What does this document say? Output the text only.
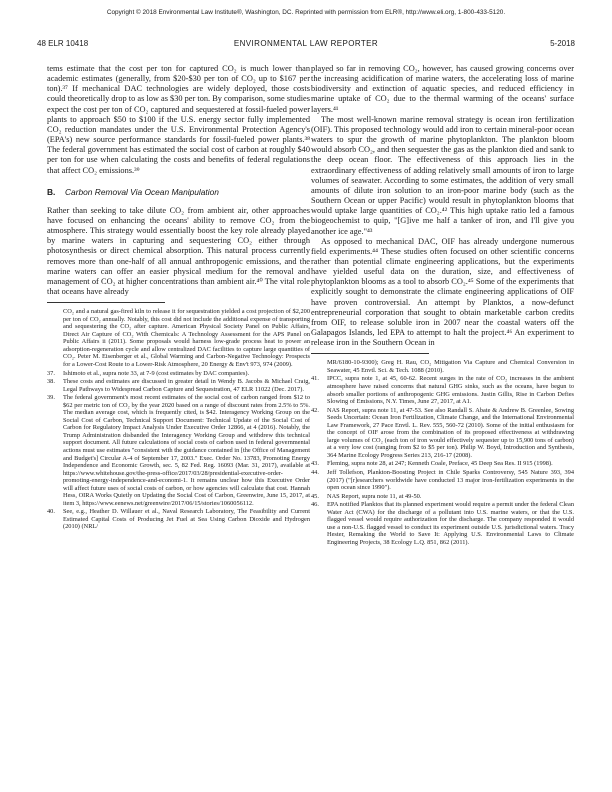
Copyright © 2018 Environmental Law Institute®, Washington, DC. Reprinted with permission from ELR®, http://www.eli.org, 1-800-433-5120.
48 ELR 10418	ENVIRONMENTAL LAW REPORTER	5-2018

tems estimate that the cost per ton for captured CO₂ is much lower than academic estimates (generally, from $20-$30 per ton of CO₂ up to $167 per ton).³⁷ If mechanical DAC technologies are widely deployed, those costs could theoretically drop to as low as $30 per ton. By comparison, some studies expect the cost per ton of CO₂ captured and sequestered at fossil-fueled power plants to approach $50 to $100 if the U.S. energy sector fully implemented CO₂ reduction mandates under the U.S. Environmental Protection Agency's (EPA's) new source performance standards for fossil-fueled power plants.³⁸ The federal government has estimated the social cost of carbon at roughly $40 per ton for use when calculating the costs and benefits of federal regulations that affect CO₂ emissions.³⁹

B. Carbon Removal Via Ocean Manipulation

Rather than seeking to take dilute CO₂ from ambient air, other approaches have focused on enhancing the oceans' ability to remove CO₂ from the atmosphere. This strategy would essentially boost the key role already played by marine waters in capturing and sequestering CO₂ either through photosynthesis or direct chemical absorption. This natural process currently removes more than one-half of all annual anthropogenic emissions, and the marine waters can offer an easier physical medium for the removal and management of CO₂ at higher concentrations than ambient air.⁴⁰ The vital role that oceans have already

CO₂ and a natural gas-fired kiln to release it for sequestration yielded a cost projection of $2,200 per ton of CO₂ annually. Notably, this cost did not include the additional expense of transporting and sequestering the CO₂ after capture. American Physical Society Panel on Public Affairs, Direct Air Capture of CO₂ With Chemicals: A Technology Assessment for the APS Panel on Public Affairs ii (2011). Some proposals would harness low-grade process heat to power an adsorption-regeneration cycle and allow centralized DAC facilities to capture large quantities of CO₂. Peter M. Eisenberger et al., Global Warming and Carbon-Negative Technology: Prospects for a Lower-Cost Route to a Lower-Risk Atmosphere, 20 Energy & Env't 973, 974 (2009).
37.	Ishimoto et al., supra note 33, at 7-9 (cost estimates by DAC companies).
38.	These costs and estimates are discussed in greater detail in Wendy B. Jacobs & Michael Craig, Legal Pathways to Widespread Carbon Capture and Sequestration, 47 ELR 11022 (Dec. 2017).
39.	The federal government's most recent estimates of the social cost of carbon ranged from $12 to $62 per metric ton of CO₂ by the year 2020 based on a range of discount rates from 2.5% to 5%. The median average cost, which is frequently cited, is $42. Interagency Working Group on the Social Cost of Carbon, Technical Support Document: Technical Update of the Social Cost of Carbon for Regulatory Impact Analysis Under Executive Order 12866, at 4 (2016). Notably, the Trump Administration disbanded the Interagency Working Group and withdrew this technical support document. All future calculations of social costs of carbon used in federal governmental actions must use estimates "consistent with the guidance contained in [the Office of Management and Budget's] Circular A-4 of September 17, 2003." Exec. Order No. 13783, Promoting Energy Independence and Economic Growth, sec. 5, 82 Fed. Reg. 16093 (Mar. 31, 2017), available at https://www.whitehouse.gov/the-press-office/2017/03/28/presidential-executive-order-promoting-energy-independence-and-economi-1. It remains unclear how this Executive Order will affect future uses of social costs of carbon, or how agencies will calculate that cost. Hannah Hess, OIRA Works Quietly on Updating the Social Cost of Carbon, Greenwire, June 15, 2017, at item 3, https://www.eenews.net/greenwire/2017/06/15/stories/1060056112.
40.	See, e.g., Heather D. Willauer et al., Naval Research Laboratory, The Feasibility and Current Estimated Capital Costs of Producing Jet Fuel at Sea Using Carbon Dioxide and Hydrogen (2010) (NRL/

played so far in removing CO₂, however, has caused growing concerns over the increasing acidification of marine waters, the accelerating loss of marine biodiversity and extinction of aquatic species, and reduced efficiency in marine uptake of CO₂ due to the thermal warming of the oceans' surface layers.⁴¹

The most well-known marine removal strategy is ocean iron fertilization (OIF). This proposed technology would add iron to certain mineral-poor ocean waters to spur the growth of marine phytoplankton. The plankton bloom would absorb CO₂, and then sequester the gas as the plankton died and sank to the deep ocean floor. The effectiveness of this approach lies in the extraordinary effectiveness of adding relatively small amounts of iron to large volumes of seawater. According to some estimates, the addition of very small amounts of dilute iron solution to an iron-poor marine body (such as the Southern Ocean or upper Pacific) would result in phytoplankton blooms that would uptake large quantities of CO₂.⁴² This high uptake ratio led a famous biogeochemist to quip, "[G]ive me half a tanker of iron, and I'll give you another ice age."⁴³

As opposed to mechanical DAC, OIF has already undergone numerous field experiments.⁴⁴ These studies often focused on other scientific concerns rather than potential climate engineering applications, but the experiments have yielded useful data on the duration, size, and effectiveness of phytoplankton blooms as a tool to absorb CO₂.⁴⁵ Some of the experiments that explicitly sought to demonstrate the climate engineering applications of OIF have proven controversial. An attempt by Planktos, a now-defunct entrepreneurial corporation that sought to obtain marketable carbon credits from OIF, to release soluble iron in 2007 near the coastal waters off the Galapagos Islands, led EPA to attempt to halt the project.⁴⁶ An experiment to release iron in the Southern Ocean in

MR/6180-10-9300); Greg H. Rau, CO₂ Mitigation Via Capture and Chemical Conversion in Seawater, 45 Envtl. Sci. & Tech. 1088 (2010).
41.	IPCC, supra note 1, at 45, 60-62. Recent surges in the rate of CO₂ increases in the ambient atmosphere have raised concerns that natural GHG sinks, such as the oceans, have begun to absorb smaller portions of anthropogenic GHG emissions. Justin Gillis, Rise in Carbon Defies Slowing of Emissions, N.Y. Times, June 27, 2017, at A1.
42.	NAS Report, supra note 11, at 47-53. See also Randall S. Abate & Andrew B. Greenlee, Sowing Seeds Uncertain: Ocean Iron Fertilization, Climate Change, and the International Environmental Law Framework, 27 Pace Envtl. L. Rev. 555, 560-72 (2010). Some of the initial enthusiasm for the concept of OIF arose from the combination of its proposed effectiveness at withdrawing large volumes of CO₂ (each ton of iron would effectively sequester up to 15,900 tons of carbon) at a very low cost (ranging from $2 to $5 per ton). Philip W. Boyd, Introduction and Synthesis, 364 Marine Ecology Progress Series 213, 216-17 (2008).
43.	Fleming, supra note 28, at 247; Kenneth Coale, Preface, 45 Deep Sea Res. II 915 (1998).
44.	Jeff Tollefson, Plankton-Boosting Project in Chile Sparks Controversy, 545 Nature 393, 394 (2017) ("[r]esearchers worldwide have conducted 13 major iron-fertilization experiments in the open ocean since 1990").
45.	NAS Report, supra note 11, at 49-50.
46.	EPA notified Planktos that its planned experiment would require a permit under the federal Clean Water Act (CWA) for the discharge of a pollutant into U.S. marine waters, or that the U.S. flagged vessel would require authorization for the discharge. The company responded it would use a non-U.S. flagged vessel to conduct its experiment outside U.S. jurisdictional waters. Tracy Hester, Remaking the World to Save It: Applying U.S. Environmental Laws to Climate Engineering Projects, 38 Ecology L.Q. 851, 862 (2011).
